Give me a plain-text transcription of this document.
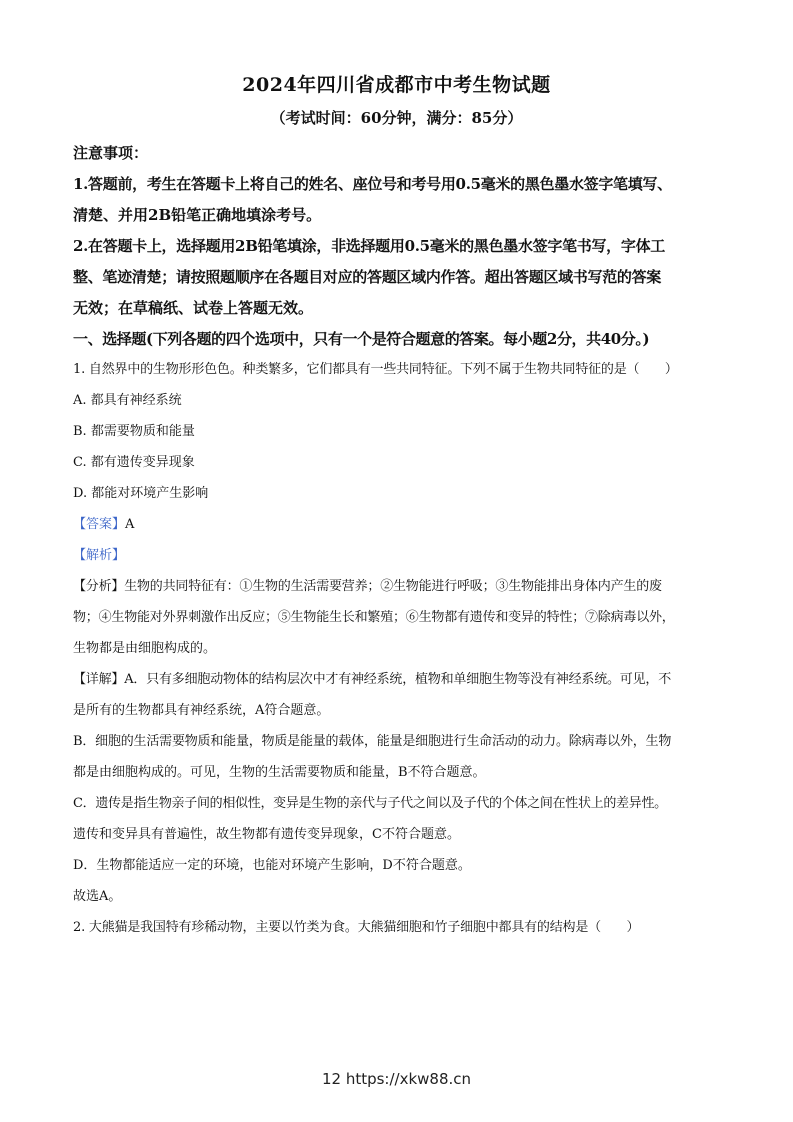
2024年四川省成都市中考生物试题
（考试时间：60分钟，满分：85分）
注意事项：
1.答题前，考生在答题卡上将自己的姓名、座位号和考号用0.5毫米的黑色墨水签字笔填写、
清楚、并用2B铅笔正确地填涂考号。
2.在答题卡上，选择题用2B铅笔填涂，非选择题用0.5毫米的黑色墨水签字笔书写，字体工
整、笔迹清楚；请按照题顺序在各题目对应的答题区域内作答。超出答题区域书写范的答案
无效；在草稿纸、试卷上答题无效。
一、选择题(下列各题的四个选项中，只有一个是符合题意的答案。每小题2分，共40分。)
1. 自然界中的生物形形色色。种类繁多，它们都具有一些共同特征。下列不属于生物共同特征的是（　　）
A. 都具有神经系统
B. 都需要物质和能量
C. 都有遗传变异现象
D. 都能对环境产生影响
【答案】A
【解析】
【分析】生物的共同特征有：①生物的生活需要营养；②生物能进行呼吸；③生物能排出身体内产生的废
物；④生物能对外界刺激作出反应；⑤生物能生长和繁殖；⑥生物都有遗传和变异的特性；⑦除病毒以外，
生物都是由细胞构成的。
【详解】A．只有多细胞动物体的结构层次中才有神经系统，植物和单细胞生物等没有神经系统。可见，不
是所有的生物都具有神经系统，A符合题意。
B．细胞的生活需要物质和能量，物质是能量的载体，能量是细胞进行生命活动的动力。除病毒以外，生物
都是由细胞构成的。可见，生物的生活需要物质和能量，B不符合题意。
C．遗传是指生物亲子间的相似性，变异是生物的亲代与子代之间以及子代的个体之间在性状上的差异性。
遗传和变异具有普遍性，故生物都有遗传变异现象，C不符合题意。
D．生物都能适应一定的环境，也能对环境产生影响，D不符合题意。
故选A。
2. 大熊猫是我国特有珍稀动物，主要以竹类为食。大熊猫细胞和竹子细胞中都具有的结构是（　　）
12 https://xkw88.cn
